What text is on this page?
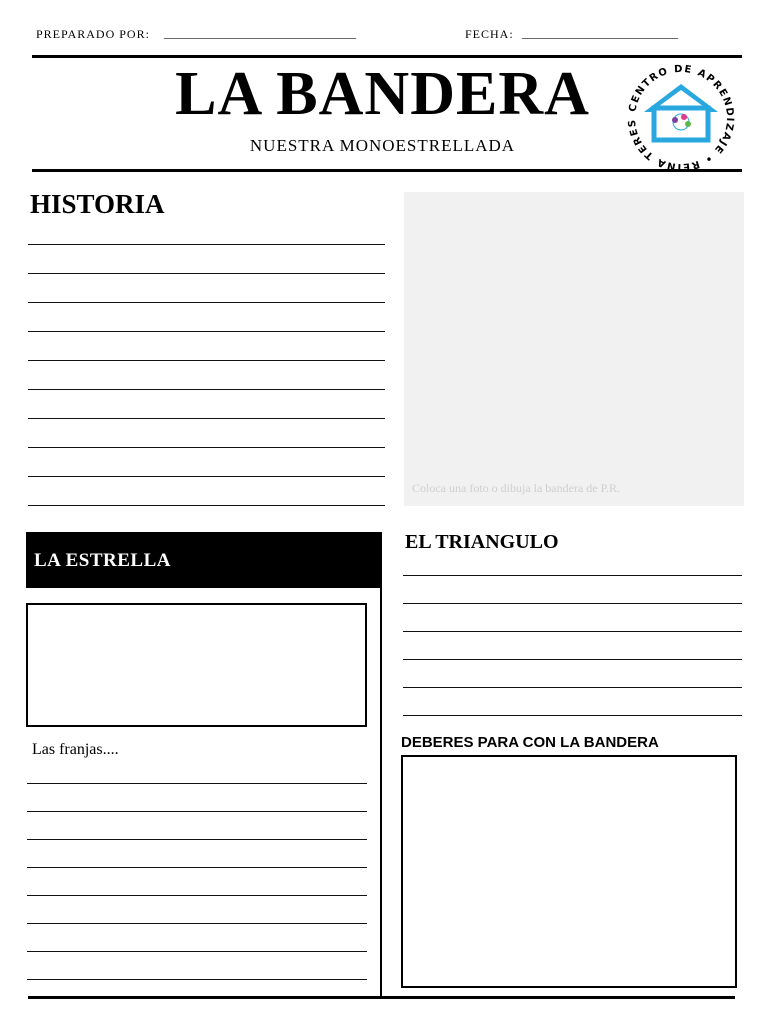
PREPARADO POR: ________________________________	FECHA: __________________________
LA BANDERA
NUESTRA MONOESTRELLADA
CENTRO DE APRENDIZAJE • REINA TERES
HISTORIA
Coloca una foto o dibuja la bandera de P.R.
LA ESTRELLA
Las franjas....
EL TRIANGULO
DEBERES PARA CON LA BANDERA
